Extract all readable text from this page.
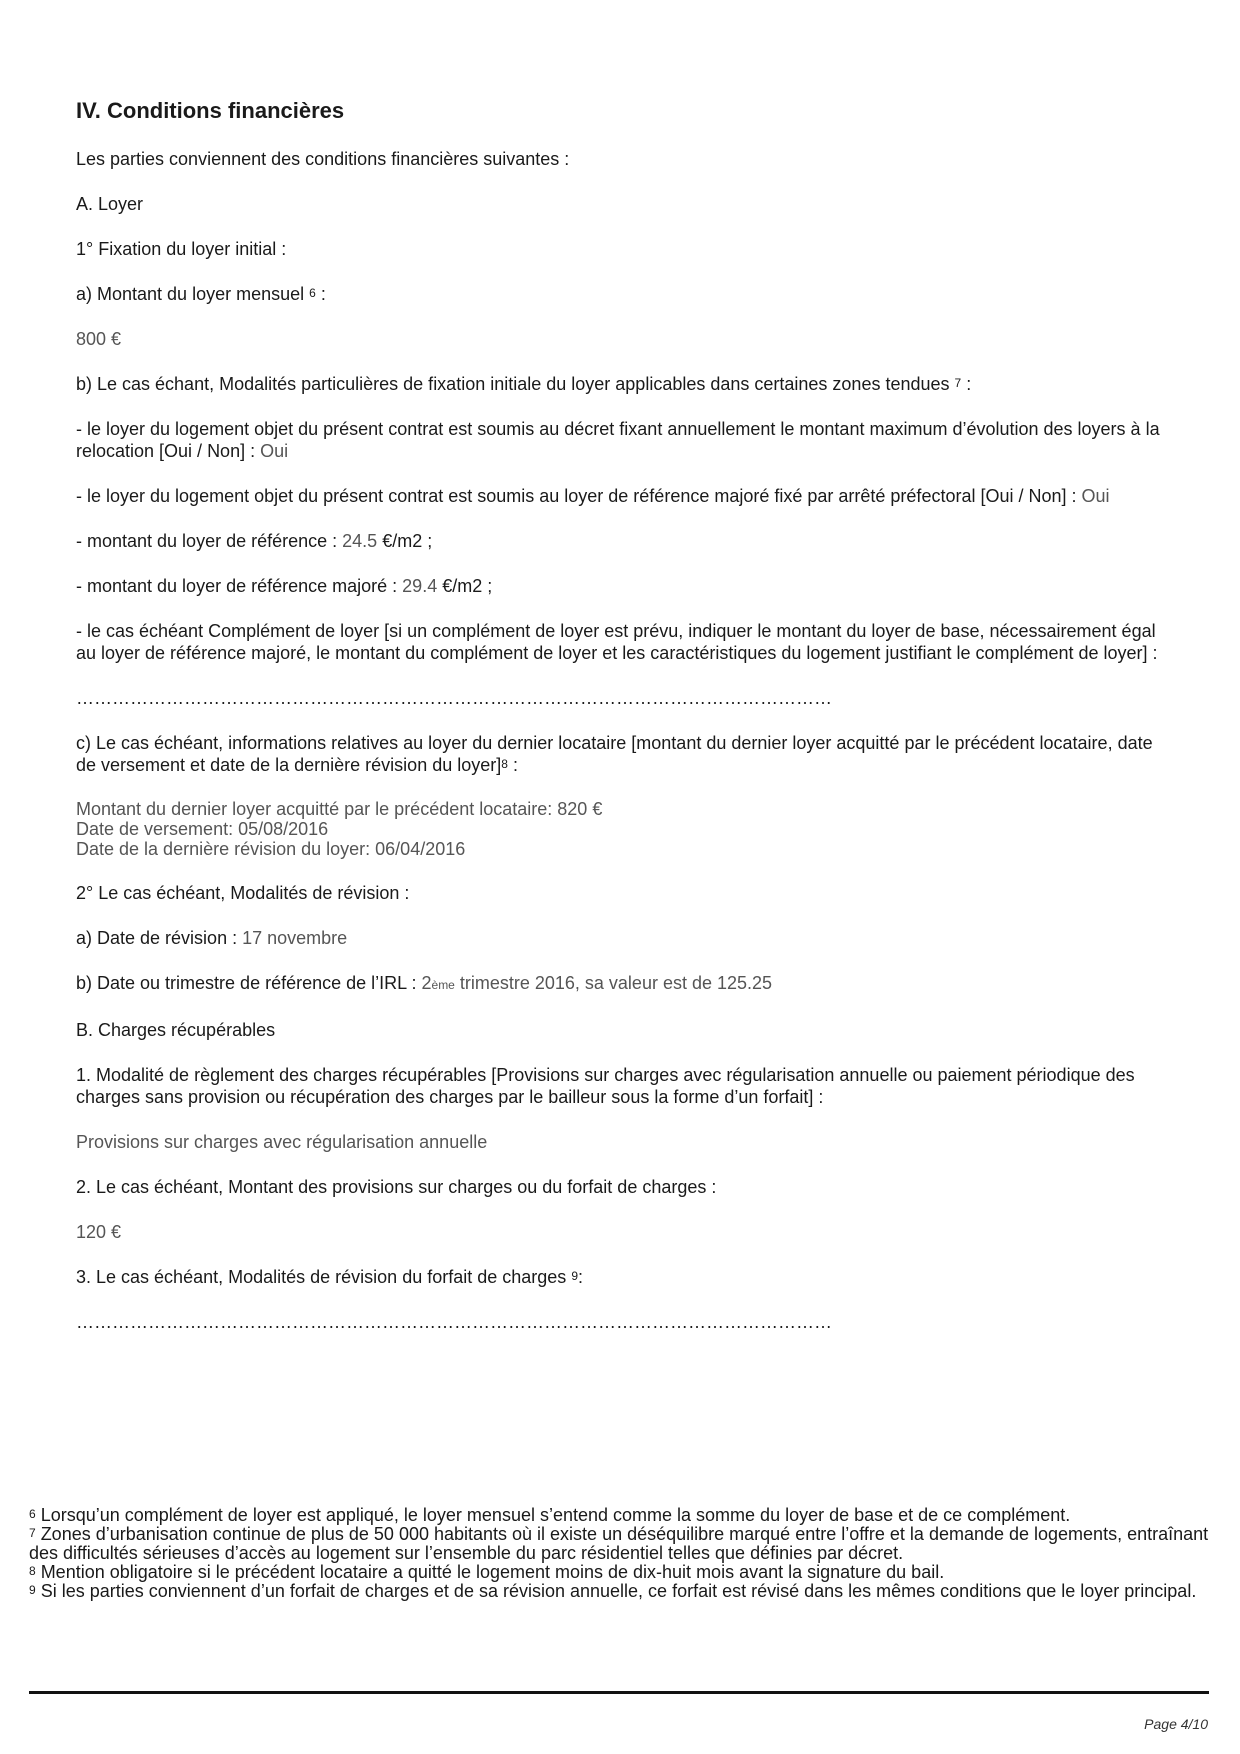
IV. Conditions financières

Les parties conviennent des conditions financières suivantes :

A. Loyer

1° Fixation du loyer initial :

a) Montant du loyer mensuel $^6$ :

800 €

b) Le cas échant, Modalités particulières de fixation initiale du loyer applicables dans certaines zones tendues $^7$ :

- le loyer du logement objet du présent contrat est soumis au décret fixant annuellement le montant maximum d’évolution des loyers à la relocation [Oui / Non] : Oui

- le loyer du logement objet du présent contrat est soumis au loyer de référence majoré fixé par arrêté préfectoral [Oui / Non] : Oui

- montant du loyer de référence : 24.5 €/m2 ;

- montant du loyer de référence majoré : 29.4 €/m2 ;

- le cas échéant Complément de loyer [si un complément de loyer est prévu, indiquer le montant du loyer de base, nécessairement égal au loyer de référence majoré, le montant du complément de loyer et les caractéristiques du logement justifiant le complément de loyer] :

………………………………………………………………………………………………………………

c) Le cas échéant, informations relatives au loyer du dernier locataire [montant du dernier loyer acquitté par le précédent locataire, date de versement et date de la dernière révision du loyer]$^8$ :

Montant du dernier loyer acquitté par le précédent locataire: 820 €
Date de versement: 05/08/2016
Date de la dernière révision du loyer: 06/04/2016

2° Le cas échéant, Modalités de révision :

a) Date de révision : 17 novembre

b) Date ou trimestre de référence de l’IRL : 2ème trimestre 2016, sa valeur est de 125.25

B. Charges récupérables

1. Modalité de règlement des charges récupérables [Provisions sur charges avec régularisation annuelle ou paiement périodique des charges sans provision ou récupération des charges par le bailleur sous la forme d’un forfait] :

Provisions sur charges avec régularisation annuelle

2. Le cas échéant, Montant des provisions sur charges ou du forfait de charges :

120 €

3. Le cas échéant, Modalités de révision du forfait de charges $^9$:

………………………………………………………………………………………………………………

$^6$ Lorsqu’un complément de loyer est appliqué, le loyer mensuel s’entend comme la somme du loyer de base et de ce complément.

$^7$ Zones d’urbanisation continue de plus de 50 000 habitants où il existe un déséquilibre marqué entre l’offre et la demande de logements, entraînant des difficultés sérieuses d’accès au logement sur l’ensemble du parc résidentiel telles que définies par décret.

$^8$ Mention obligatoire si le précédent locataire a quitté le logement moins de dix-huit mois avant la signature du bail.

$^9$ Si les parties conviennent d’un forfait de charges et de sa révision annuelle, ce forfait est révisé dans les mêmes conditions que le loyer principal.

Page 4/10
